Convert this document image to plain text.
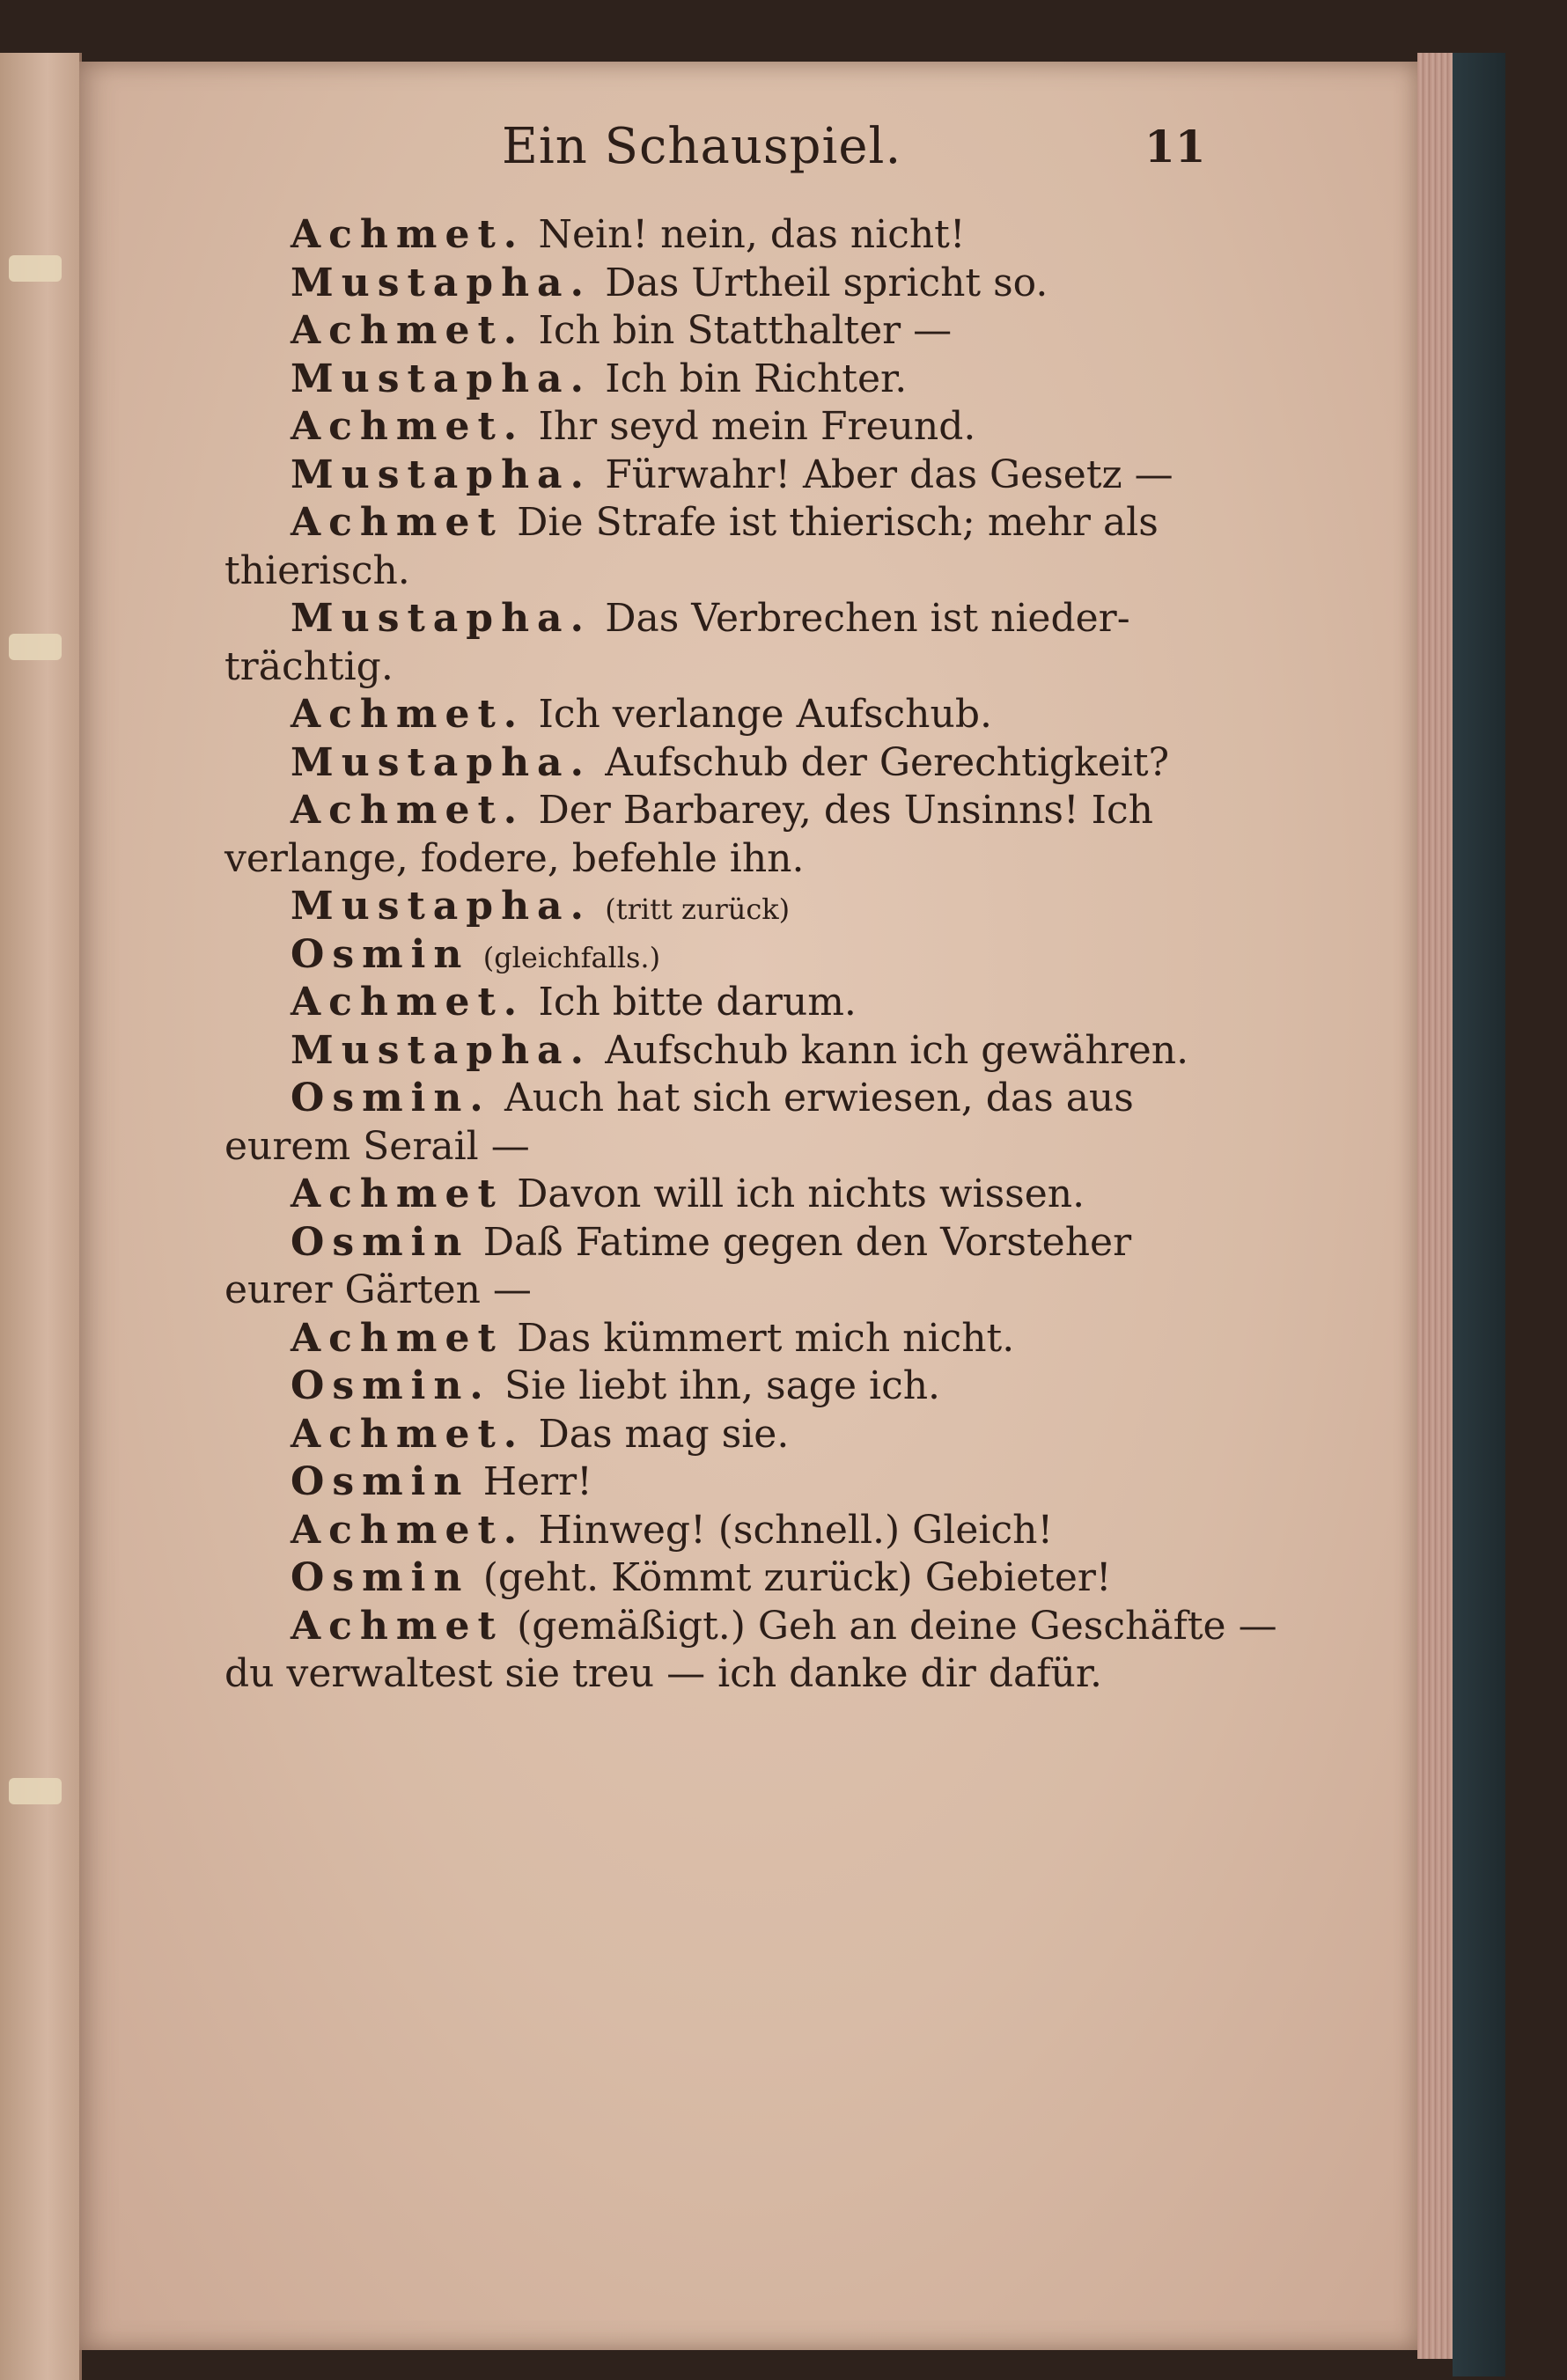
Ein Schauspiel.	11
Achmet. Nein! nein, das nicht!
Mustapha. Das Urtheil spricht so.
Achmet. Ich bin Statthalter —
Mustapha. Ich bin Richter.
Achmet. Ihr seyd mein Freund.
Mustapha. Fürwahr! Aber das Gesetz —
Achmet Die Strafe ist thierisch; mehr als
thierisch.
Mustapha. Das Verbrechen ist nieder-
trächtig.
Achmet. Ich verlange Aufschub.
Mustapha. Aufschub der Gerechtigkeit?
Achmet. Der Barbarey, des Unsinns! Ich
verlange, fodere, befehle ihn.
Mustapha. (tritt zurück)
Osmin (gleichfalls.)
Achmet. Ich bitte darum.
Mustapha. Aufschub kann ich gewähren.
Osmin. Auch hat sich erwiesen, das aus
eurem Serail —
Achmet Davon will ich nichts wissen.
Osmin Daß Fatime gegen den Vorsteher
eurer Gärten —
Achmet Das kümmert mich nicht.
Osmin. Sie liebt ihn, sage ich.
Achmet. Das mag sie.
Osmin Herr!
Achmet. Hinweg! (schnell.) Gleich!
Osmin (geht. Kömmt zurück) Gebieter!
Achmet (gemäßigt.) Geh an deine Geschäfte —
du verwaltest sie treu — ich danke dir dafür.
